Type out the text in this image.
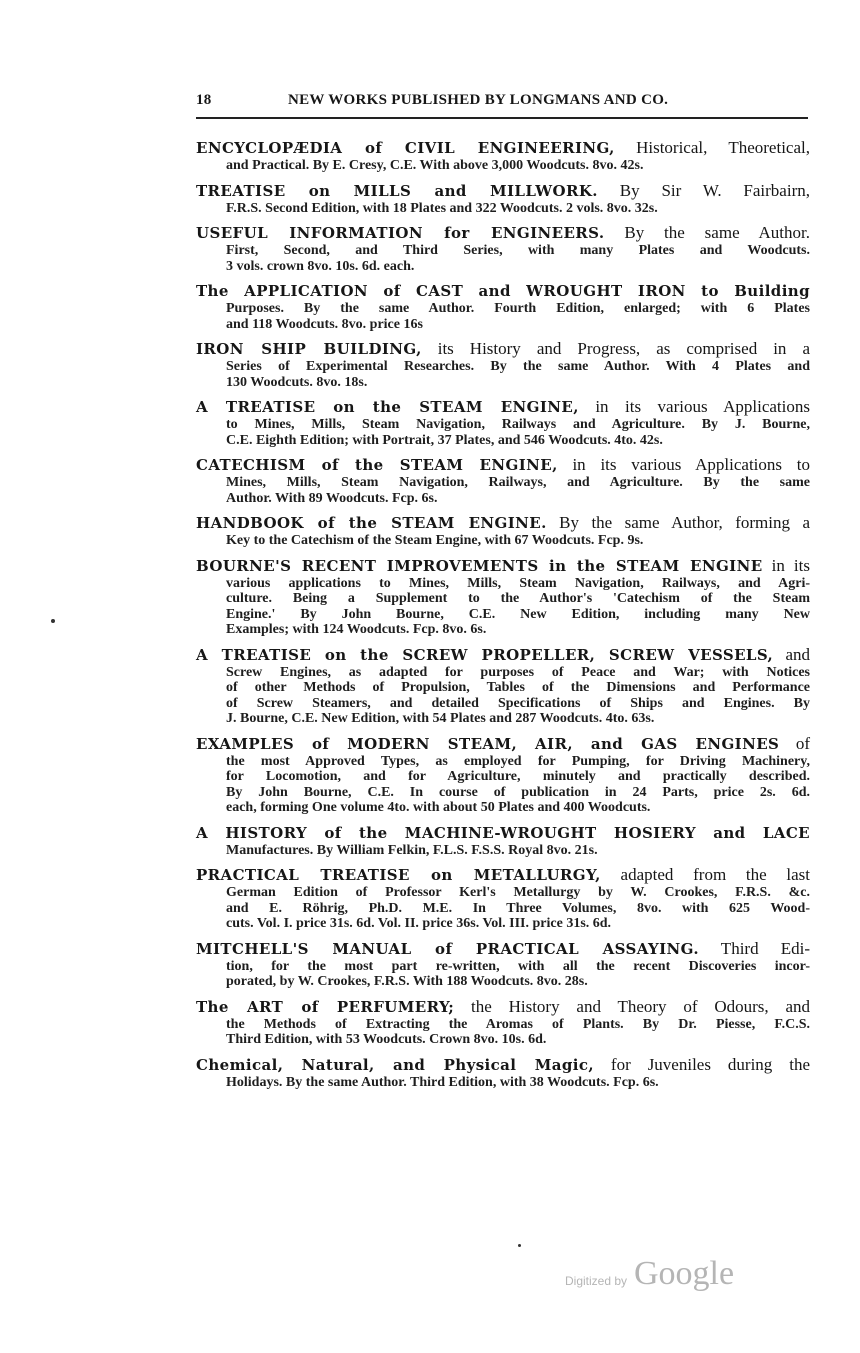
18	NEW WORKS PUBLISHED BY LONGMANS AND CO.
ENCYCLOPÆDIA of CIVIL ENGINEERING, Historical, Theoretical,
and Practical. By E. Cresy, C.E. With above 3,000 Woodcuts. 8vo. 42s.
TREATISE on MILLS and MILLWORK. By Sir W. Fairbairn,
F.R.S. Second Edition, with 18 Plates and 322 Woodcuts. 2 vols. 8vo. 32s.
USEFUL INFORMATION for ENGINEERS. By the same Author.
First, Second, and Third Series, with many Plates and Woodcuts.
3 vols. crown 8vo. 10s. 6d. each.
The APPLICATION of CAST and WROUGHT IRON to Building
Purposes. By the same Author. Fourth Edition, enlarged; with 6 Plates
and 118 Woodcuts. 8vo. price 16s
IRON SHIP BUILDING, its History and Progress, as comprised in a
Series of Experimental Researches. By the same Author. With 4 Plates and
130 Woodcuts. 8vo. 18s.
A TREATISE on the STEAM ENGINE, in its various Applications
to Mines, Mills, Steam Navigation, Railways and Agriculture. By J. Bourne,
C.E. Eighth Edition; with Portrait, 37 Plates, and 546 Woodcuts. 4to. 42s.
CATECHISM of the STEAM ENGINE, in its various Applications to
Mines, Mills, Steam Navigation, Railways, and Agriculture. By the same
Author. With 89 Woodcuts. Fcp. 6s.
HANDBOOK of the STEAM ENGINE. By the same Author, forming a
Key to the Catechism of the Steam Engine, with 67 Woodcuts. Fcp. 9s.
BOURNE'S RECENT IMPROVEMENTS in the STEAM ENGINE in its
various applications to Mines, Mills, Steam Navigation, Railways, and Agri-
culture. Being a Supplement to the Author's 'Catechism of the Steam
Engine.' By John Bourne, C.E. New Edition, including many New
Examples; with 124 Woodcuts. Fcp. 8vo. 6s.
A TREATISE on the SCREW PROPELLER, SCREW VESSELS, and
Screw Engines, as adapted for purposes of Peace and War; with Notices
of other Methods of Propulsion, Tables of the Dimensions and Performance
of Screw Steamers, and detailed Specifications of Ships and Engines. By
J. Bourne, C.E. New Edition, with 54 Plates and 287 Woodcuts. 4to. 63s.
EXAMPLES of MODERN STEAM, AIR, and GAS ENGINES of
the most Approved Types, as employed for Pumping, for Driving Machinery,
for Locomotion, and for Agriculture, minutely and practically described.
By John Bourne, C.E. In course of publication in 24 Parts, price 2s. 6d.
each, forming One volume 4to. with about 50 Plates and 400 Woodcuts.
A HISTORY of the MACHINE-WROUGHT HOSIERY and LACE
Manufactures. By William Felkin, F.L.S. F.S.S. Royal 8vo. 21s.
PRACTICAL TREATISE on METALLURGY, adapted from the last
German Edition of Professor Kerl's Metallurgy by W. Crookes, F.R.S. &c.
and E. Röhrig, Ph.D. M.E. In Three Volumes, 8vo. with 625 Wood-
cuts. Vol. I. price 31s. 6d. Vol. II. price 36s. Vol. III. price 31s. 6d.
MITCHELL'S MANUAL of PRACTICAL ASSAYING. Third Edi-
tion, for the most part re-written, with all the recent Discoveries incor-
porated, by W. Crookes, F.R.S. With 188 Woodcuts. 8vo. 28s.
The ART of PERFUMERY; the History and Theory of Odours, and
the Methods of Extracting the Aromas of Plants. By Dr. Piesse, F.C.S.
Third Edition, with 53 Woodcuts. Crown 8vo. 10s. 6d.
Chemical, Natural, and Physical Magic, for Juveniles during the
Holidays. By the same Author. Third Edition, with 38 Woodcuts. Fcp. 6s.
Digitized by Google
